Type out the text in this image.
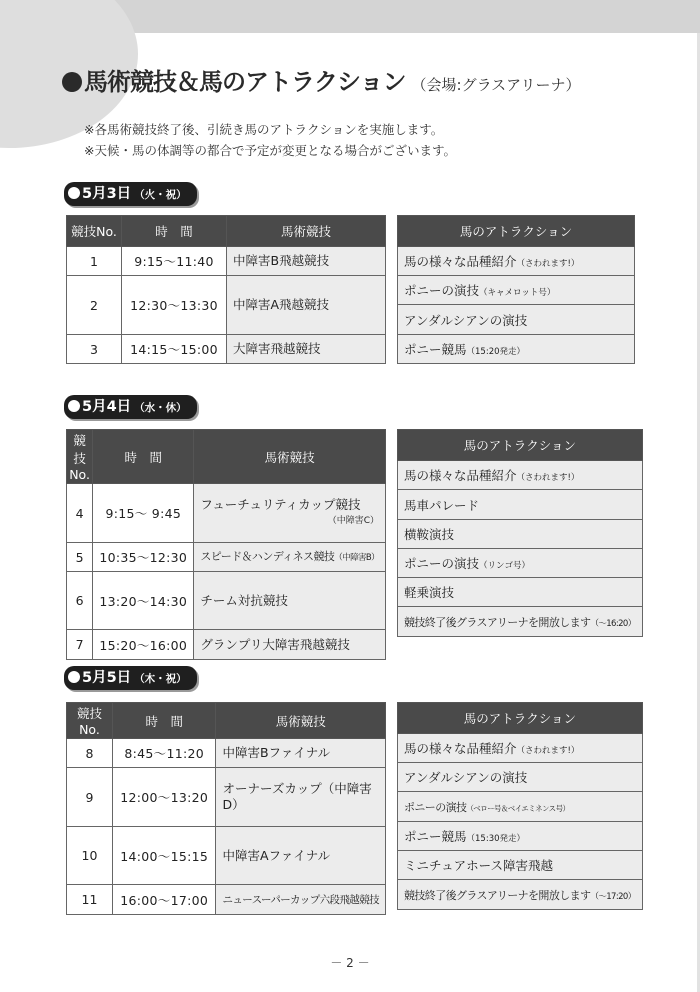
馬術競技＆馬のアトラクション （会場:グラスアリーナ）
※各馬術競技終了後、引続き馬のアトラクションを実施します。
※天候・馬の体調等の都合で予定が変更となる場合がございます。
5月3日 （火・祝）
競技No.	時　間	馬術競技
1	9:15～11:40	中障害B飛越競技
2	12:30～13:30	中障害A飛越競技
3	14:15～15:00	大障害飛越競技
馬のアトラクション
馬の様々な品種紹介（さわれます!）
ポニーの演技（キャメロット号）
アンダルシアンの演技
ポニー競馬（15:20発走）
5月4日 （水・休）
競技No.	時　間	馬術競技
4	9:15～ 9:45	フューチュリティカップ競技
（中障害C）

5	10:35～12:30	スピード＆ハンディネス競技（中障害B）
6	13:20～14:30	チーム対抗競技
7	15:20～16:00	グランプリ大障害飛越競技
馬のアトラクション
馬の様々な品種紹介（さわれます!）
馬車パレード
横鞍演技
ポニーの演技（リンゴ号）
軽乗演技
競技終了後グラスアリーナを開放します（～16:20）
5月5日 （木・祝）
競技No.	時　間	馬術競技
8	8:45～11:20	中障害Bファイナル
9	12:00～13:20	オーナーズカップ（中障害D）
10	14:00～15:15	中障害Aファイナル
11	16:00～17:00	ニュースーパーカップ六段飛越競技
馬のアトラクション
馬の様々な品種紹介（さわれます!）
アンダルシアンの演技
ポニーの演技（ベロー号＆ベイエミネンス号）
ポニー競馬（15:30発走）
ミニチュアホース障害飛越
競技終了後グラスアリーナを開放します（～17:20）
－ 2 －
